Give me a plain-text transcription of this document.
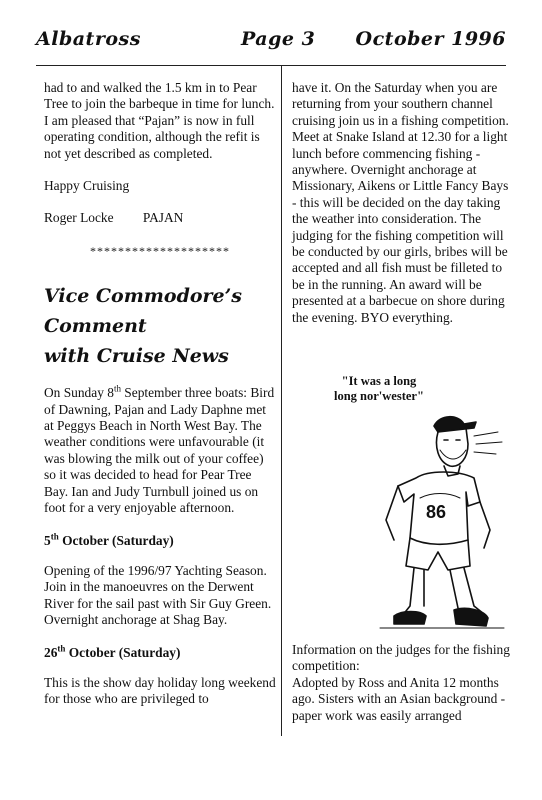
Albatross	Page 3 October 1996

had to and walked the 1.5 km in to Pear Tree to join the barbeque in time for lunch.

I am pleased that “Pajan” is now in full operating condition, although the refit is not yet described as completed.

Happy Cruising

Roger Locke PAJAN

********************

Vice Commodore’s Comment
with Cruise News

On Sunday 8th September three boats: Bird of Dawning, Pajan and Lady Daphne met at Peggys Beach in North West Bay. The weather conditions were unfavourable (it was blowing the milk out of your coffee) so it was decided to head for Pear Tree Bay. Ian and Judy Turnbull joined us on foot for a very enjoyable afternoon.

5th October (Saturday)

Opening of the 1996/97 Yachting Season. Join in the manoeuvres on the Derwent River for the sail past with Sir Guy Green. Overnight anchorage at Shag Bay.

26th October (Saturday)

This is the show day holiday long weekend for those who are privileged to

have it. On the Saturday when you are returning from your southern channel cruising join us in a fishing competition. Meet at Snake Island at 12.30 for a light lunch before commencing fishing - anywhere. Overnight anchorage at Missionary, Aikens or Little Fancy Bays - this will be decided on the day taking the weather into consideration. The judging for the fishing competition will be conducted by our girls, bribes will be accepted and all fish must be filleted to be in the running. An award will be presented at a barbecue on shore during the evening. BYO everything.

"It was a long
long nor'wester"
86

Information on the judges for the fishing competition:

Adopted by Ross and Anita 12 months ago. Sisters with an Asian background - paper work was easily arranged
